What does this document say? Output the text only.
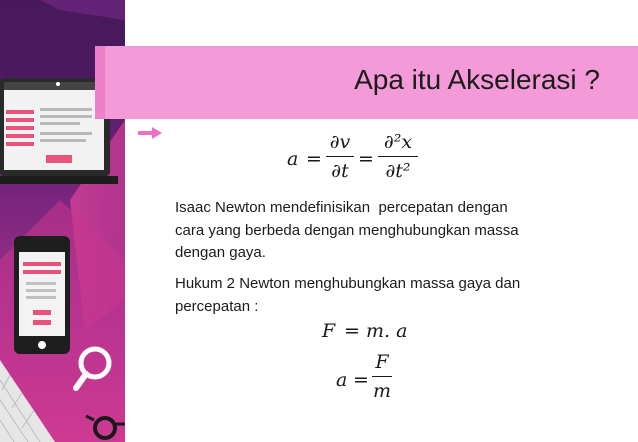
Apa itu Akselerasi ?
$a = \frac{\partial v}{\partial t} = \frac{\text{∂²x}}{\text{∂t²}}$
Isaac Newton mendefinisikan  percepatan dengan
cara yang berbeda dengan menghubungkan massa
dengan gaya.
Hukum 2 Newton menghubungkan massa gaya dan
percepatan :
F = m. a
$a = \frac{F}{m}$
